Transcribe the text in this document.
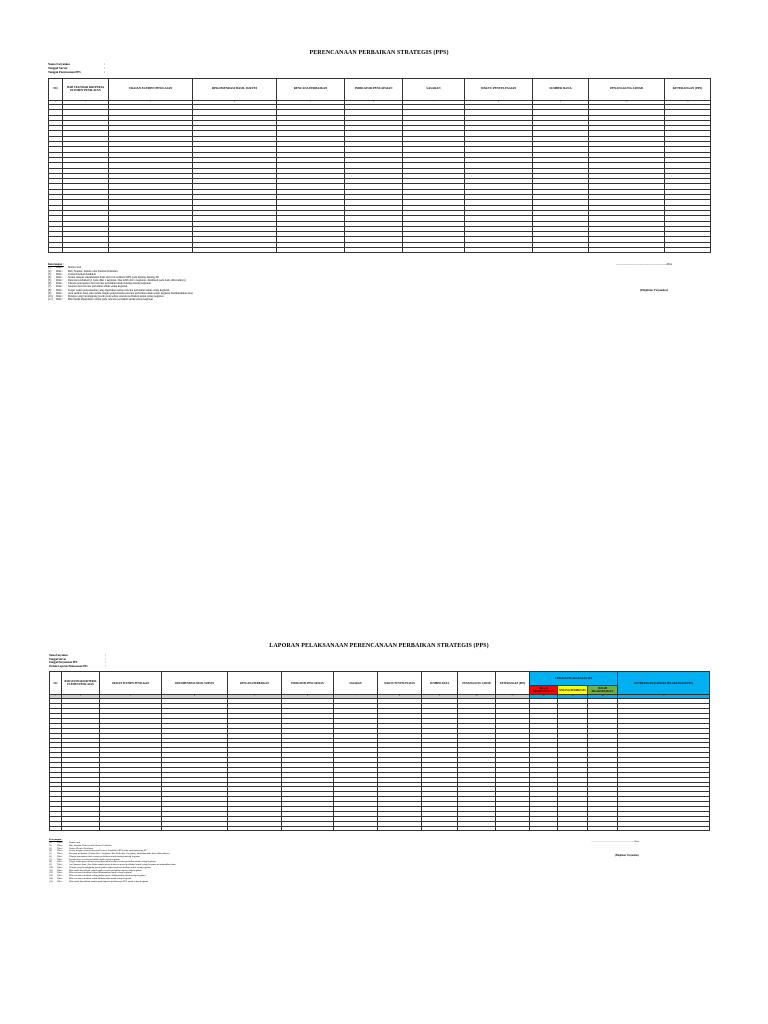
PERENCANAAN PERBAIKAN STRATEGIS (PPS)
Nama Faryankes	:
Tanggal Survei	:
Tanggal Penyusunan PPS	:
NO	BAB STANDAR KRITERIA ELEMEN PENILAIAN	URAIAN ELEMEN PENILAIAN	REKOMENDASI HASIL SURVEI	RENCANA PERBAIKAN	INDIKATOR PENCAPAIAN	SASARAN	WAKTU PENYELESAIAN	SUMBER DANA	PENANGGUNG JAWAB	KETERANGAN (PPS)
1	2	3	4	5	6	7	8	9	10	11

Keterangan :
(1)	Diisi :	Nomor urut
(2)	Diisi :	Bab, Standar, Kriteria dan Elemen Penilaian
(3)	Diisi :	Uraian Elemen Penilaian
(4)	Diisi :	Sesuai dengan rekomendasi hasil survei di aplikasi SIPS pada masing-masing EP
(5)	Diisi :	Rencana perbaikan (1 baris diisi 1 kegiatan. Jika lebih dari 1 kegiatan, dituliskan pada baris dibawahnya)
(6)	Diisi :	Ukuran pencapaian dari rencana perbaikan untuk masing-masing kegiatan
(7)	Diisi :	Sasaran dari rencana perbaikan untuk setiap kegiatan
(8)	Diisi :	Target waktu penyelesaian yang diperlukan setiap rencana perbaikan untuk setiap kegiatan
(9)	Diisi :	Asal sumber dana, jika dalam rangka penyelesaian rencana perbaikan untuk setiap kegiatan membutuhkan dana
(10)	Diisi :	Petugas yang bertanggung jawab pada setiap rencana perbaikan untuk setiap kegiatan
(11)	Diisi :	Bila masih diperlukan catatan pada rencana perbaikan untuk setiap kegiatan
........................................................................20xx
(Pimpinan Fasyankes)
LAPORAN PELAKSANAAN PERENCANAAN PERBAIKAN STRATEGIS (PPS)
Nama Fasyankes	:
Tanggal Survei	:
Tanggal Penyusunan PPS	:
Periode Laporan Pelaksanaan PPS	:
NO	BAB STANDAR KRITERIA ELEMEN PENILAIAN	URAIAN ELEMEN PENILAIAN	REKOMENDASI HASIL SURVEI	RENCANA PERBAIKAN	INDIKATOR PENCAPAIAN	SASARAN	WAKTU PENYELESAIAN	SUMBER DANA	PENANGGUNG JAWAB	KETERANGAN (PPS)	CAPAIAN PELAKSANAAN PPS			KETERANGAN (CAPAIAN PELAKSANAAN PPS)
											BELUM DILAKSANAKA N	SEDANG BERPROSES	SUDAH DILAKSANAKA N	
1	2	3	4	5	6	7	8	9	10	11	12	13	14	15

Keterangan :
(1)	Diisi :	Nomor urut
(2)	Diisi :	Bab, Standar, Kriteria dan Elemen Penilaian
(3)	Diisi :	Uraian Elemen Penilaian
(4)	Diisi :	Sesuai dengan rekomendasi hasil survei di aplikasi SIPS pada masing-masing EP
(5)	Diisi :	Rencana perbaikan (1 baris diisi 1 kegiatan. Jika lebih dari 1 kegiatan, dituliskan pada baris dibawahnya)
(6)	Diisi :	Ukuran pencapaian dari rencana perbaikan untuk masing-masing kegiatan
(7)	Diisi :	Sasaran dari rencana perbaikan untuk setiap kegiatan
(8)	Diisi :	Target waktu penyelesaian yang diperlukan setiap rencana perbaikan untuk setiap kegiatan
(9)	Diisi :	Asal sumber dana, jika dalam rangka penyelesaian rencana perbaikan untuk setiap kegiatan membutuhkan dana
(10)	Diisi :	Petugas yang bertanggung jawab pada setiap rencana perbaikan untuk setiap kegiatan
(11)	Diisi :	Bila masih diperlukan catatan pada rencana perbaikan untuk setiap kegiatan
(12)	Diisi :	Bila rencana perbaikan belum dilaksanakan untuk setiap kegiatan
(13)	Diisi :	Bila rencana perbaikan sedang dalam proses dilaksanakan untuk setiap kegiatan
(14)	Diisi :	Bila rencana perbaikan sudah dilaksanakan untuk setiap kegiatan
(15)	Diisi :	Bila masih diperlukan catatan pada laporan pelaksanaan PPS untuk setiap kegiatan
........................................................................20xx
(Pimpinan Fasyankes)
